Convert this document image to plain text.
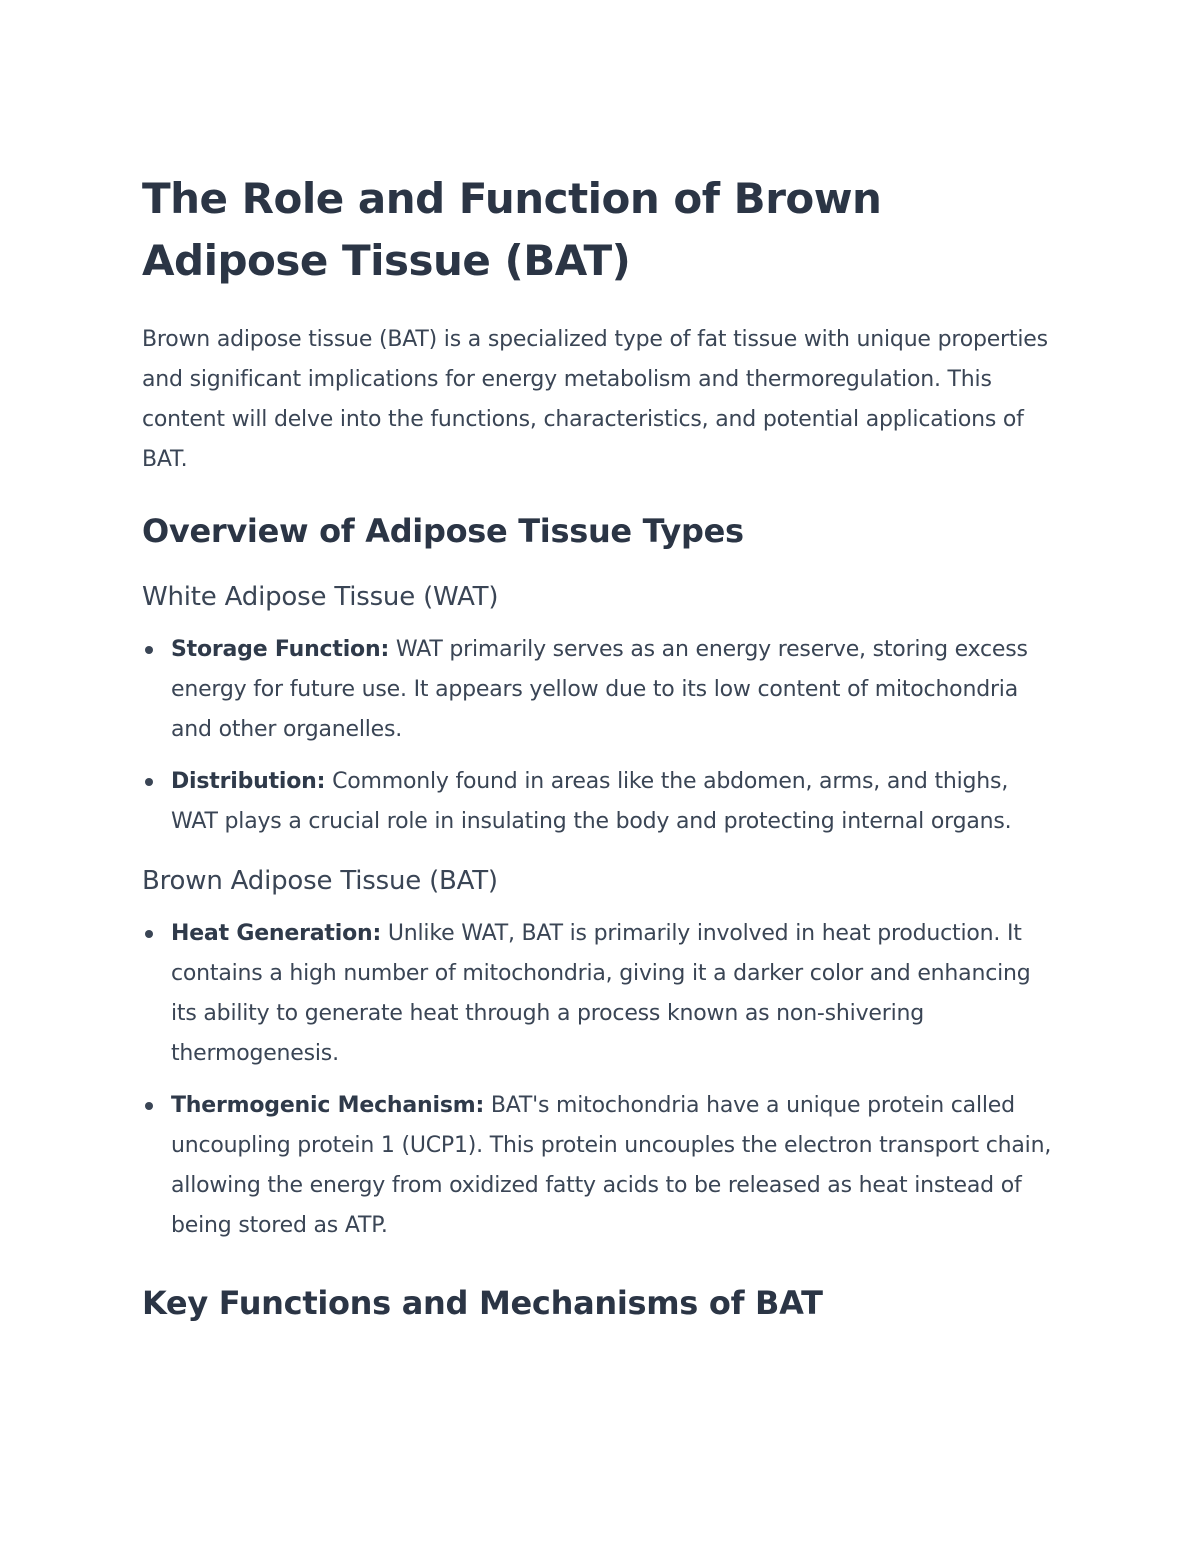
The Role and Function of Brown Adipose Tissue (BAT)

Brown adipose tissue (BAT) is a specialized type of fat tissue with unique properties and significant implications for energy metabolism and thermoregulation. This content will delve into the functions, characteristics, and potential applications of BAT.

Overview of Adipose Tissue Types
White Adipose Tissue (WAT)
Storage Function: WAT primarily serves as an energy reserve, storing excess energy for future use. It appears yellow due to its low content of mitochondria and other organelles.
Distribution: Commonly found in areas like the abdomen, arms, and thighs, WAT plays a crucial role in insulating the body and protecting internal organs.
Brown Adipose Tissue (BAT)
Heat Generation: Unlike WAT, BAT is primarily involved in heat production. It contains a high number of mitochondria, giving it a darker color and enhancing its ability to generate heat through a process known as non-shivering thermogenesis.
Thermogenic Mechanism: BAT's mitochondria have a unique protein called uncoupling protein 1 (UCP1). This protein uncouples the electron transport chain, allowing the energy from oxidized fatty acids to be released as heat instead of being stored as ATP.
Key Functions and Mechanisms of BAT
